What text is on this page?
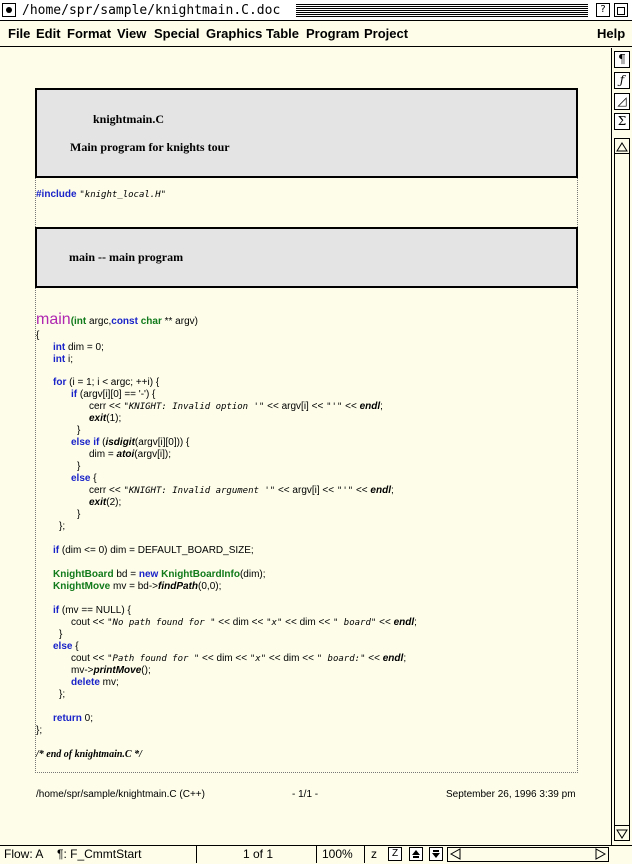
/home/spr/sample/knightmain.C.doc	?
File Edit Format View Special Graphics Table Program Project	Help
knightmain.C
Main program for knights tour
#include "knight_local.H"
main -- main program
main(int argc,const char ** argv)
{
int dim = 0;
int i;
for (i = 1; i < argc; ++i) {
if (argv[i][0] == '-') {
cerr << "KNIGHT: Invalid option '" << argv[i] << "'" << endl;
exit(1);
}
else if (isdigit(argv[i][0])) {
dim = atoi(argv[i]);
}
else {
cerr << "KNIGHT: Invalid argument '" << argv[i] << "'" << endl;
exit(2);
}
};
if (dim <= 0) dim = DEFAULT_BOARD_SIZE;
KnightBoard bd = new KnightBoardInfo(dim);
KnightMove mv = bd->findPath(0,0);
if (mv == NULL) {
cout << "No path found for " << dim << "x" << dim << " board" << endl;
}
else {
cout << "Path found for " << dim << "x" << dim << " board:" << endl;
mv->printMove();
delete mv;
};
return 0;
};
/* end of knightmain.C */
/home/spr/sample/knightmain.C (C++)	- 1/1 -	September 26, 1996 3:39 pm
¶
ƒ
◿
Σ
Flow: A ¶: F_CmmtStart	1 of 1	100% z	Z
